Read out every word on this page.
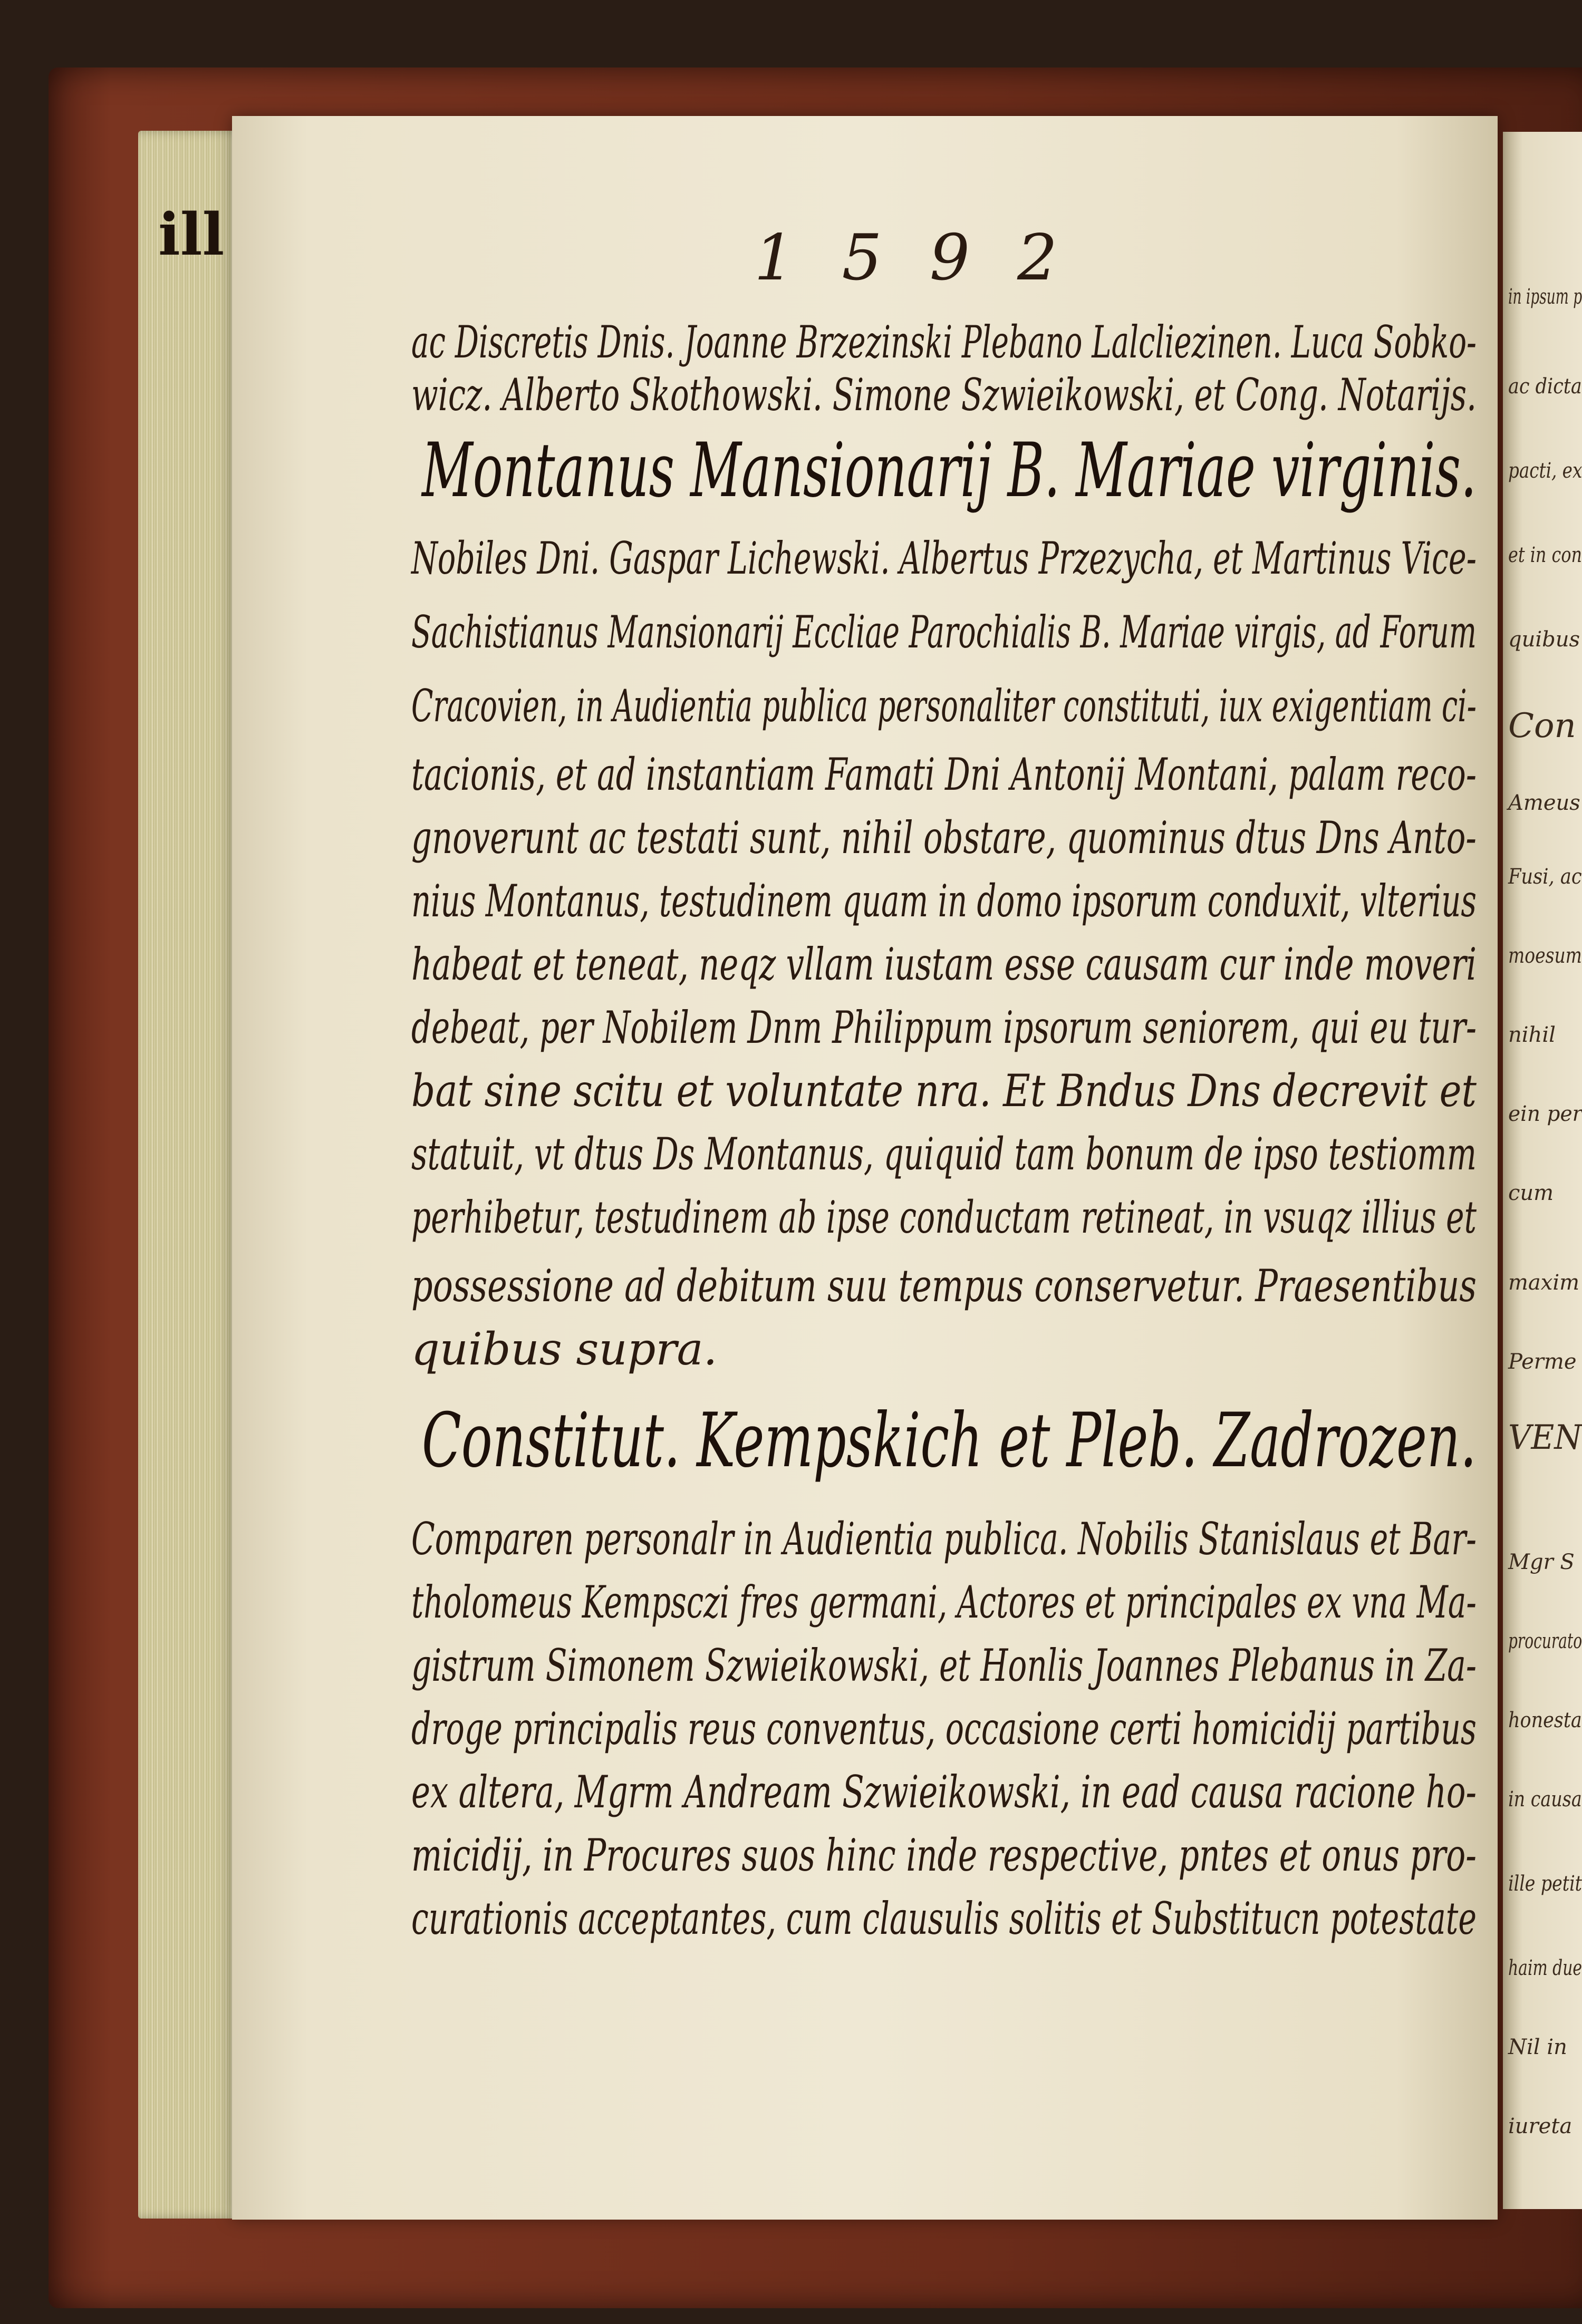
in ipsum p
ac dicta
pacti, ex
et in con
quibus
Con
Ameus
Fusi, ac
moesum
nihil
ein per
cum
maxim
Perme
VEN
Mgr S
procurato
honesta
in causa
ille petit
haim due
Nil in
iureta
ill	1592
ac Discretis Dnis. Joanne Brzezinski Plebano Lalcliezinen. Luca Sobko-
wicz. Alberto Skothowski. Simone Szwieikowski, et Cong. Notarijs.
Montanus Mansionarij B. Mariae virginis.
Nobiles Dni. Gaspar Lichewski. Albertus Przezycha, et Martinus Vice-
Sachistianus Mansionarij Eccliae Parochialis B. Mariae virgis, ad Forum
Cracovien, in Audientia publica personaliter constituti, iux exigentiam ci-
tacionis, et ad instantiam Famati Dni Antonij Montani, palam reco-
gnoverunt ac testati sunt, nihil obstare, quominus dtus Dns Anto-
nius Montanus, testudinem quam in domo ipsorum conduxit, vlterius
habeat et teneat, neqz vllam iustam esse causam cur inde moveri
debeat, per Nobilem Dnm Philippum ipsorum seniorem, qui eu tur-
bat sine scitu et voluntate nra. Et Bndus Dns decrevit et
statuit, vt dtus Ds Montanus, quiquid tam bonum de ipso testiomm
perhibetur, testudinem ab ipse conductam retineat, in vsuqz illius et
possessione ad debitum suu tempus conservetur. Praesentibus
quibus supra.
Constitut. Kempskich et Pleb. Zadrozen.
Comparen personalr in Audientia publica. Nobilis Stanislaus et Bar-
tholomeus Kempsczi fres germani, Actores et principales ex vna Ma-
gistrum Simonem Szwieikowski, et Honlis Joannes Plebanus in Za-
droge principalis reus conventus, occasione certi homicidij partibus
ex altera, Mgrm Andream Szwieikowski, in ead causa racione ho-
micidij, in Procures suos hinc inde respective, pntes et onus pro-
curationis acceptantes, cum clausulis solitis et Substitucn potestate
